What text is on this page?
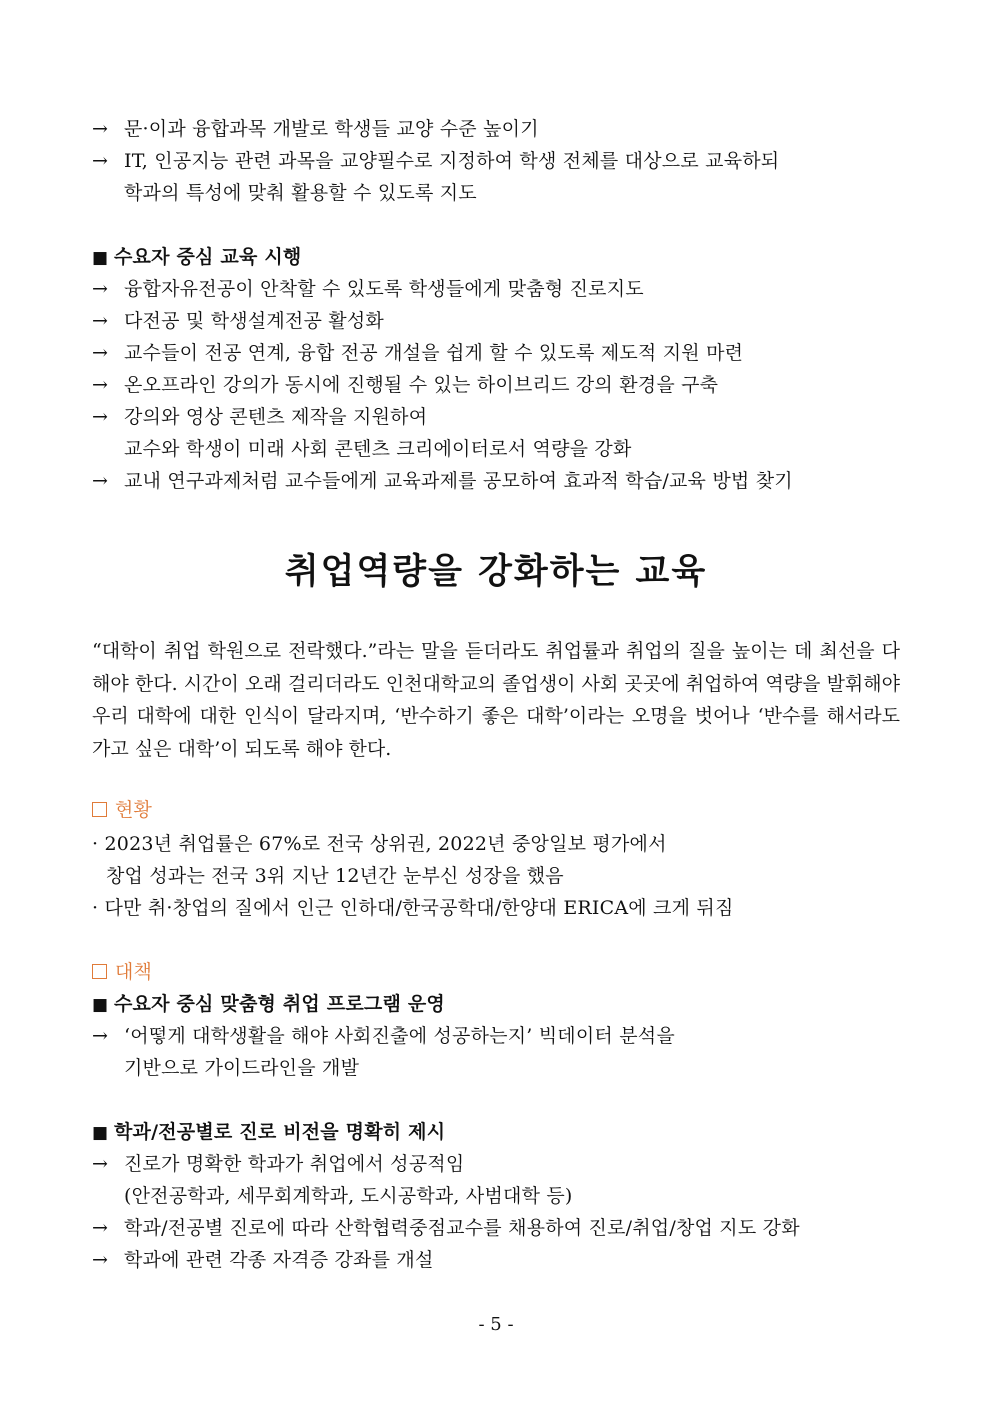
→ 문·이과 융합과목 개발로 학생들 교양 수준 높이기
→ IT, 인공지능 관련 과목을 교양필수로 지정하여 학생 전체를 대상으로 교육하되
학과의 특성에 맞춰 활용할 수 있도록 지도
■ 수요자 중심 교육 시행
→ 융합자유전공이 안착할 수 있도록 학생들에게 맞춤형 진로지도
→ 다전공 및 학생설계전공 활성화
→ 교수들이 전공 연계, 융합 전공 개설을 쉽게 할 수 있도록 제도적 지원 마련
→ 온오프라인 강의가 동시에 진행될 수 있는 하이브리드 강의 환경을 구축
→ 강의와 영상 콘텐츠 제작을 지원하여
교수와 학생이 미래 사회 콘텐츠 크리에이터로서 역량을 강화
→ 교내 연구과제처럼 교수들에게 교육과제를 공모하여 효과적 학습/교육 방법 찾기
취업역량을 강화하는 교육
“대학이 취업 학원으로 전락했다.”라는 말을 듣더라도 취업률과 취업의 질을 높이는 데 최선을 다해야 한다. 시간이 오래 걸리더라도 인천대학교의 졸업생이 사회 곳곳에 취업하여 역량을 발휘해야 우리 대학에 대한 인식이 달라지며, ‘반수하기 좋은 대학’이라는 오명을 벗어나 ‘반수를 해서라도 가고 싶은 대학’이 되도록 해야 한다.
현황
· 2023년 취업률은 67%로 전국 상위권, 2022년 중앙일보 평가에서
창업 성과는 전국 3위 지난 12년간 눈부신 성장을 했음
· 다만 취·창업의 질에서 인근 인하대/한국공학대/한양대 ERICA에 크게 뒤짐
대책
■ 수요자 중심 맞춤형 취업 프로그램 운영
→ ‘어떻게 대학생활을 해야 사회진출에 성공하는지’ 빅데이터 분석을
기반으로 가이드라인을 개발
■ 학과/전공별로 진로 비전을 명확히 제시
→ 진로가 명확한 학과가 취업에서 성공적임
(안전공학과, 세무회계학과, 도시공학과, 사범대학 등)
→ 학과/전공별 진로에 따라 산학협력중점교수를 채용하여 진로/취업/창업 지도 강화
→ 학과에 관련 각종 자격증 강좌를 개설
- 5 -
